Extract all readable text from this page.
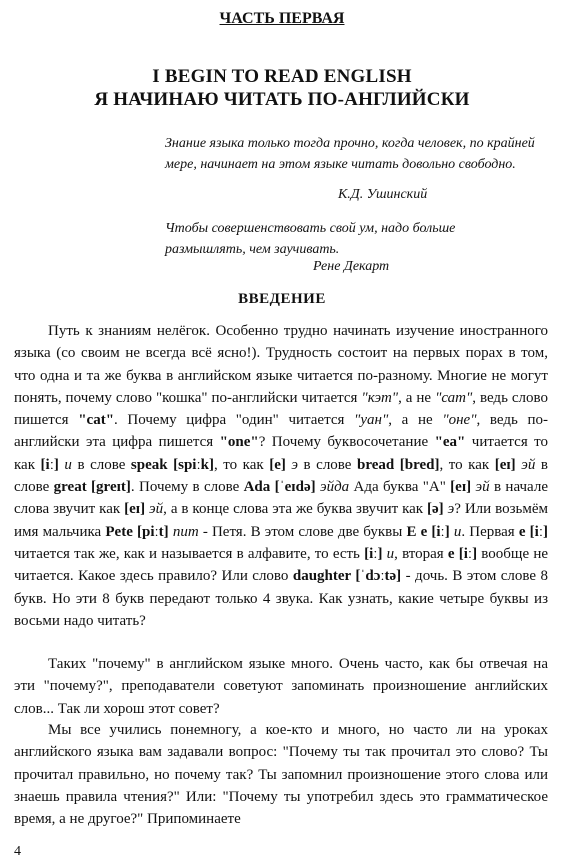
ЧАСТЬ ПЕРВАЯ
I BEGIN TO READ ENGLISH
Я НАЧИНАЮ ЧИТАТЬ ПО-АНГЛИЙСКИ
Знание языка только тогда прочно, когда человек, по крайней мере, начинает на этом языке читать довольно свободно.
К.Д. Ушинский
Чтобы совершенствовать свой ум, надо больше размышлять, чем заучивать.
Рене Декарт
ВВЕДЕНИЕ

Путь к знаниям нелёгок. Особенно трудно начинать изучение иностранного языка (со своим не всегда всё ясно!). Трудность состоит на первых порах в том, что одна и та же буква в английском языке читается по-разному. Многие не могут понять, почему слово "кошка" по-английски читается "кэт", а не "сат", ведь слово пишется "cat". Почему цифра "один" читается "уан", а не "оне", ведь по-английски эта цифра пишется "one"? Почему буквосочетание "ea" читается то как [iː] и в слове speak [spiːk], то как [e] э в слове bread [bred], то как [eɪ] эй в слове great [greɪt]. Почему в слове Ada [ˈeɪdə] эйда Ада буква "А" [eɪ] эй в начале слова звучит как [eɪ] эй, а в конце слова эта же буква звучит как [ə] э? Или возьмём имя мальчика Pete [piːt] пит - Петя. В этом слове две буквы E e [iː] и. Первая e [iː] читается так же, как и называется в алфавите, то есть [iː] и, вторая e [iː] вообще не читается. Какое здесь правило? Или слово daughter [ˈdɔːtə] - дочь. В этом слове 8 букв. Но эти 8 букв передают только 4 звука. Как узнать, какие четыре буквы из восьми надо читать?

Таких "почему" в английском языке много. Очень часто, как бы отвечая на эти "почему?", преподаватели советуют запоминать произношение английских слов... Так ли хорош этот совет?

Мы все учились понемногу, а кое-кто и много, но часто ли на уроках английского языка вам задавали вопрос: "Почему ты так прочитал это слово? Ты прочитал правильно, но почему так? Ты запомнил произношение этого слова или знаешь правила чтения?" Или: "Почему ты употребил здесь это грамматическое время, а не другое?" Припоминаете

4
